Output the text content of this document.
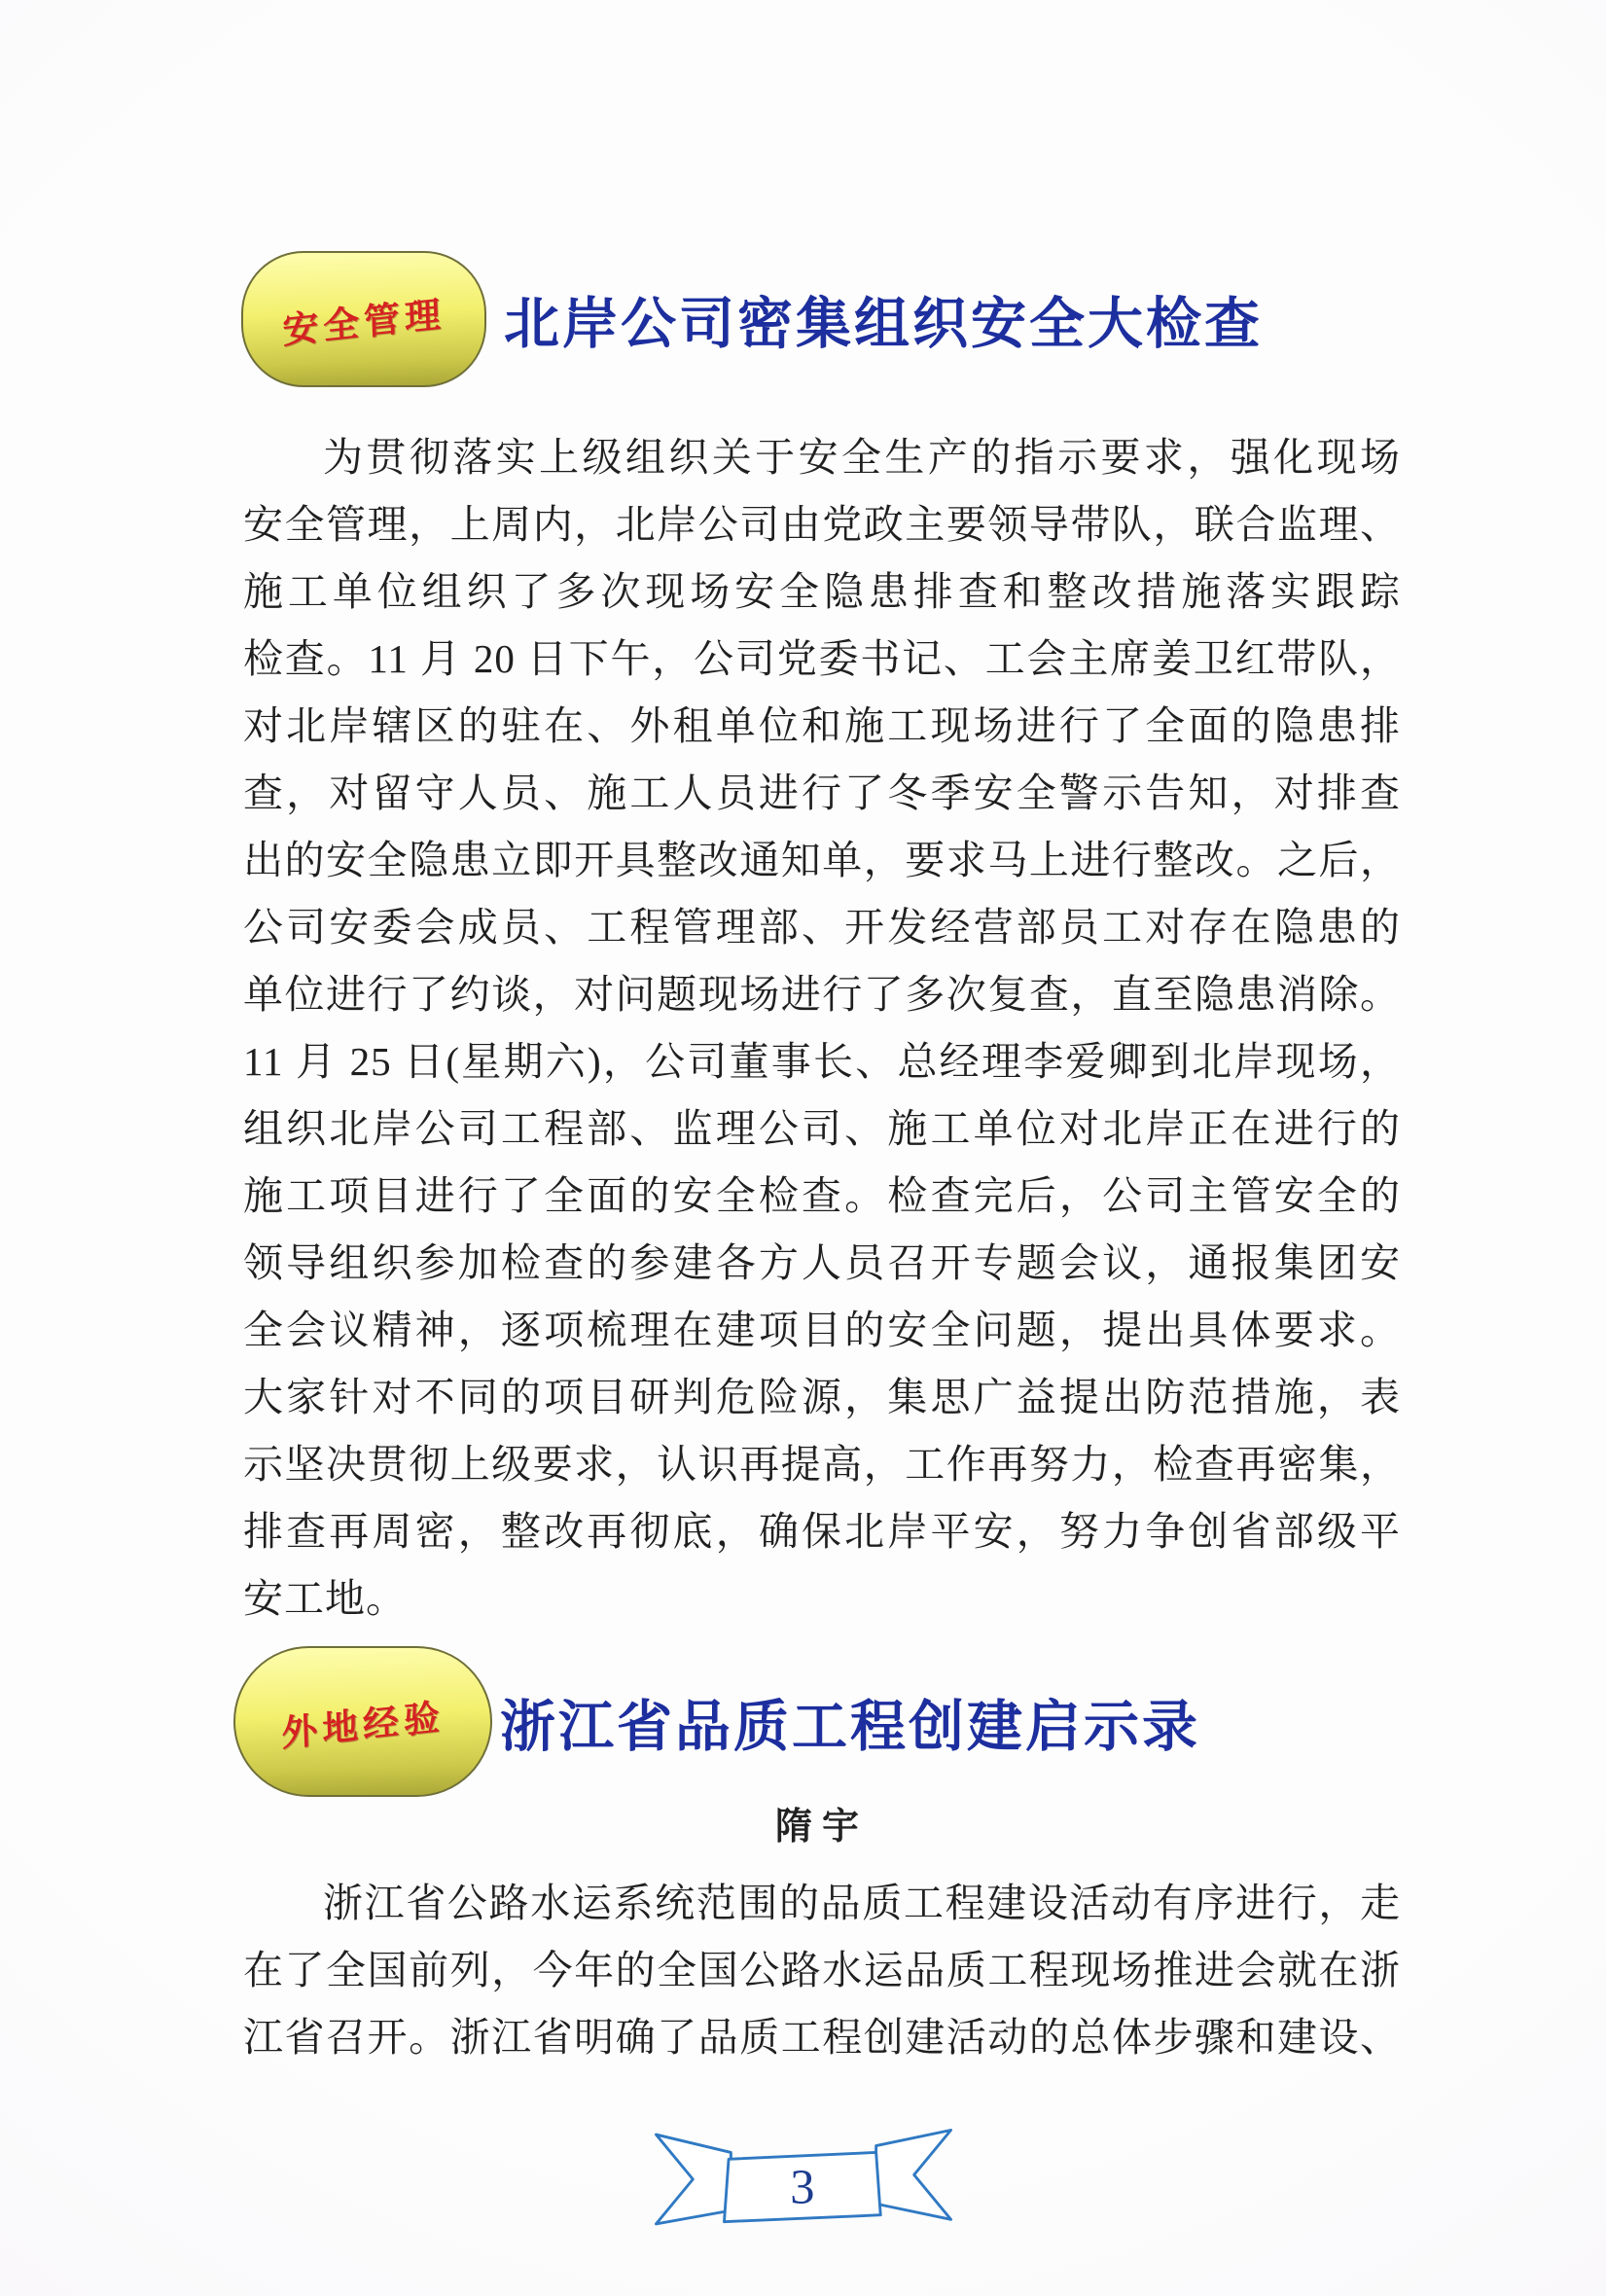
安全管理 北岸公司密集组织安全大检查
为贯彻落实上级组织关于安全生产的指示要求，强化现场
安全管理，上周内，北岸公司由党政主要领导带队，联合监理、
施工单位组织了多次现场安全隐患排查和整改措施落实跟踪
检查。11 月 20 日下午，公司党委书记、工会主席姜卫红带队，
对北岸辖区的驻在、外租单位和施工现场进行了全面的隐患排
查，对留守人员、施工人员进行了冬季安全警示告知，对排查
出的安全隐患立即开具整改通知单，要求马上进行整改。之后，
公司安委会成员、工程管理部、开发经营部员工对存在隐患的
单位进行了约谈，对问题现场进行了多次复查，直至隐患消除。
11 月 25 日(星期六)，公司董事长、总经理李爱卿到北岸现场，
组织北岸公司工程部、监理公司、施工单位对北岸正在进行的
施工项目进行了全面的安全检查。检查完后，公司主管安全的
领导组织参加检查的参建各方人员召开专题会议，通报集团安
全会议精神，逐项梳理在建项目的安全问题，提出具体要求。
大家针对不同的项目研判危险源，集思广益提出防范措施，表
示坚决贯彻上级要求，认识再提高，工作再努力，检查再密集，
排查再周密，整改再彻底，确保北岸平安，努力争创省部级平
安工地。
外地经验 浙江省品质工程创建启示录
隋宇
浙江省公路水运系统范围的品质工程建设活动有序进行，走
在了全国前列，今年的全国公路水运品质工程现场推进会就在浙
江省召开。浙江省明确了品质工程创建活动的总体步骤和建设、
3
